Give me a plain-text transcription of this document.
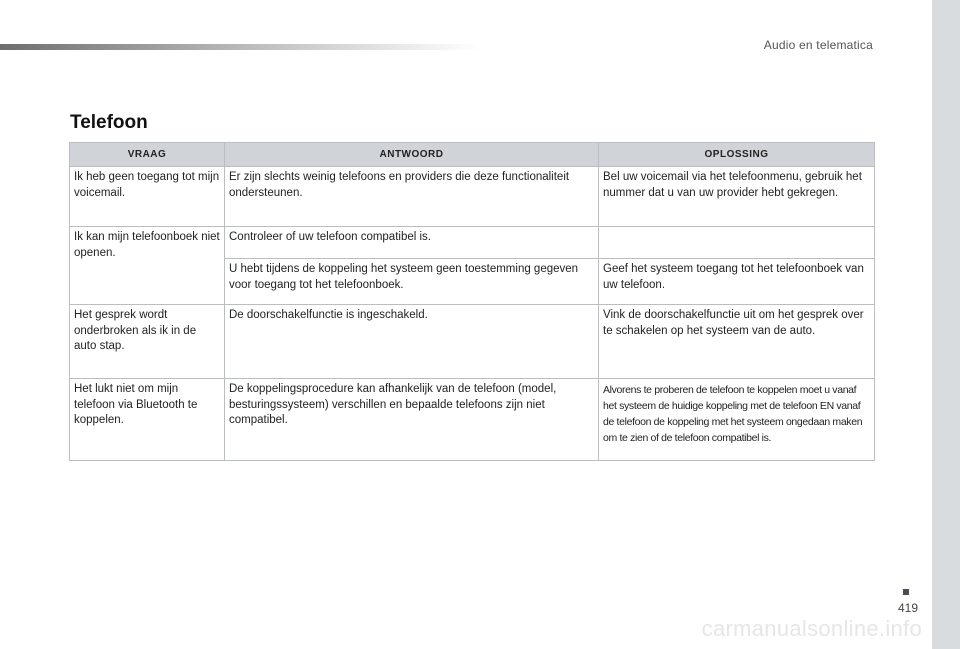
Audio en telematica
Telefoon
VRAAG	ANTWOORD	OPLOSSING
Ik heb geen toegang tot mijn voicemail.	Er zijn slechts weinig telefoons en providers die deze functionaliteit ondersteunen.	Bel uw voicemail via het telefoonmenu, gebruik het nummer dat u van uw provider hebt gekregen.
Ik kan mijn telefoonboek niet openen.	Controleer of uw telefoon compatibel is.	
	U hebt tijdens de koppeling het systeem geen toestemming gegeven voor toegang tot het telefoonboek.	Geef het systeem toegang tot het telefoonboek van uw telefoon.
Het gesprek wordt onderbroken als ik in de auto stap.	De doorschakelfunctie is ingeschakeld.	Vink de doorschakelfunctie uit om het gesprek over te schakelen op het systeem van de auto.
Het lukt niet om mijn telefoon via Bluetooth te koppelen.	De koppelingsprocedure kan afhankelijk van de telefoon (model, besturingssysteem) verschillen en bepaalde telefoons zijn niet compatibel.	Alvorens te proberen de telefoon te koppelen moet u vanaf het systeem de huidige koppeling met de telefoon EN vanaf de telefoon de koppeling met het systeem ongedaan maken om te zien of de telefoon compatibel is.
419
carmanualsonline.info
